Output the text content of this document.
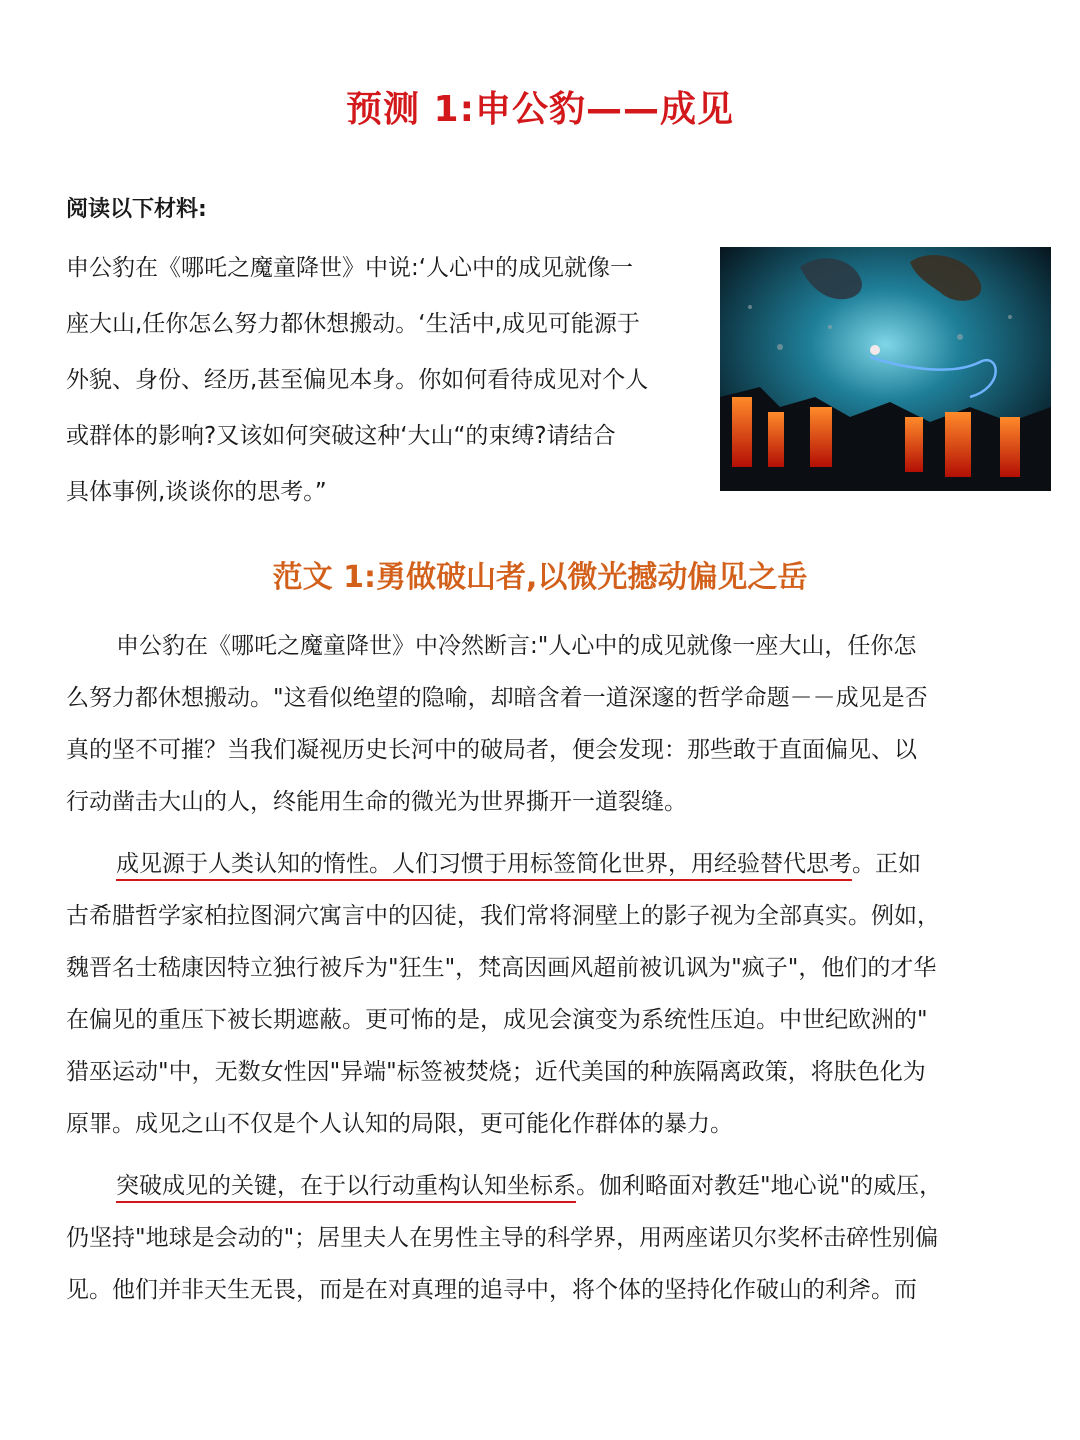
预测 1:申公豹——成见
阅读以下材料:
申公豹在《哪吒之魔童降世》中说:‘人心中的成见就像一
座大山,任你怎么努力都休想搬动。‘生活中,成见可能源于
外貌、身份、经历,甚至偏见本身。你如何看待成见对个人
或群体的影响?又该如何突破这种‘大山“的束缚?请结合
具体事例,谈谈你的思考。”
范文 1:勇做破山者,以微光撼动偏见之岳

申公豹在《哪吒之魔童降世》中冷然断言:"人心中的成见就像一座大山，任你怎
么努力都休想搬动。"这看似绝望的隐喻，却暗含着一道深邃的哲学命题－－成见是否
真的坚不可摧？当我们凝视历史长河中的破局者，便会发现：那些敢于直面偏见、以
行动凿击大山的人，终能用生命的微光为世界撕开一道裂缝。

成见源于人类认知的惰性。人们习惯于用标签简化世界，用经验替代思考。正如
古希腊哲学家柏拉图洞穴寓言中的囚徒，我们常将洞壁上的影子视为全部真实。例如，
魏晋名士嵇康因特立独行被斥为"狂生"，梵高因画风超前被讥讽为"疯子"，他们的才华
在偏见的重压下被长期遮蔽。更可怖的是，成见会演变为系统性压迫。中世纪欧洲的"
猎巫运动"中，无数女性因"异端"标签被焚烧；近代美国的种族隔离政策，将肤色化为
原罪。成见之山不仅是个人认知的局限，更可能化作群体的暴力。

突破成见的关键，在于以行动重构认知坐标系。伽利略面对教廷"地心说"的威压，
仍坚持"地球是会动的"；居里夫人在男性主导的科学界，用两座诺贝尔奖杯击碎性别偏
见。他们并非天生无畏，而是在对真理的追寻中，将个体的坚持化作破山的利斧。而
